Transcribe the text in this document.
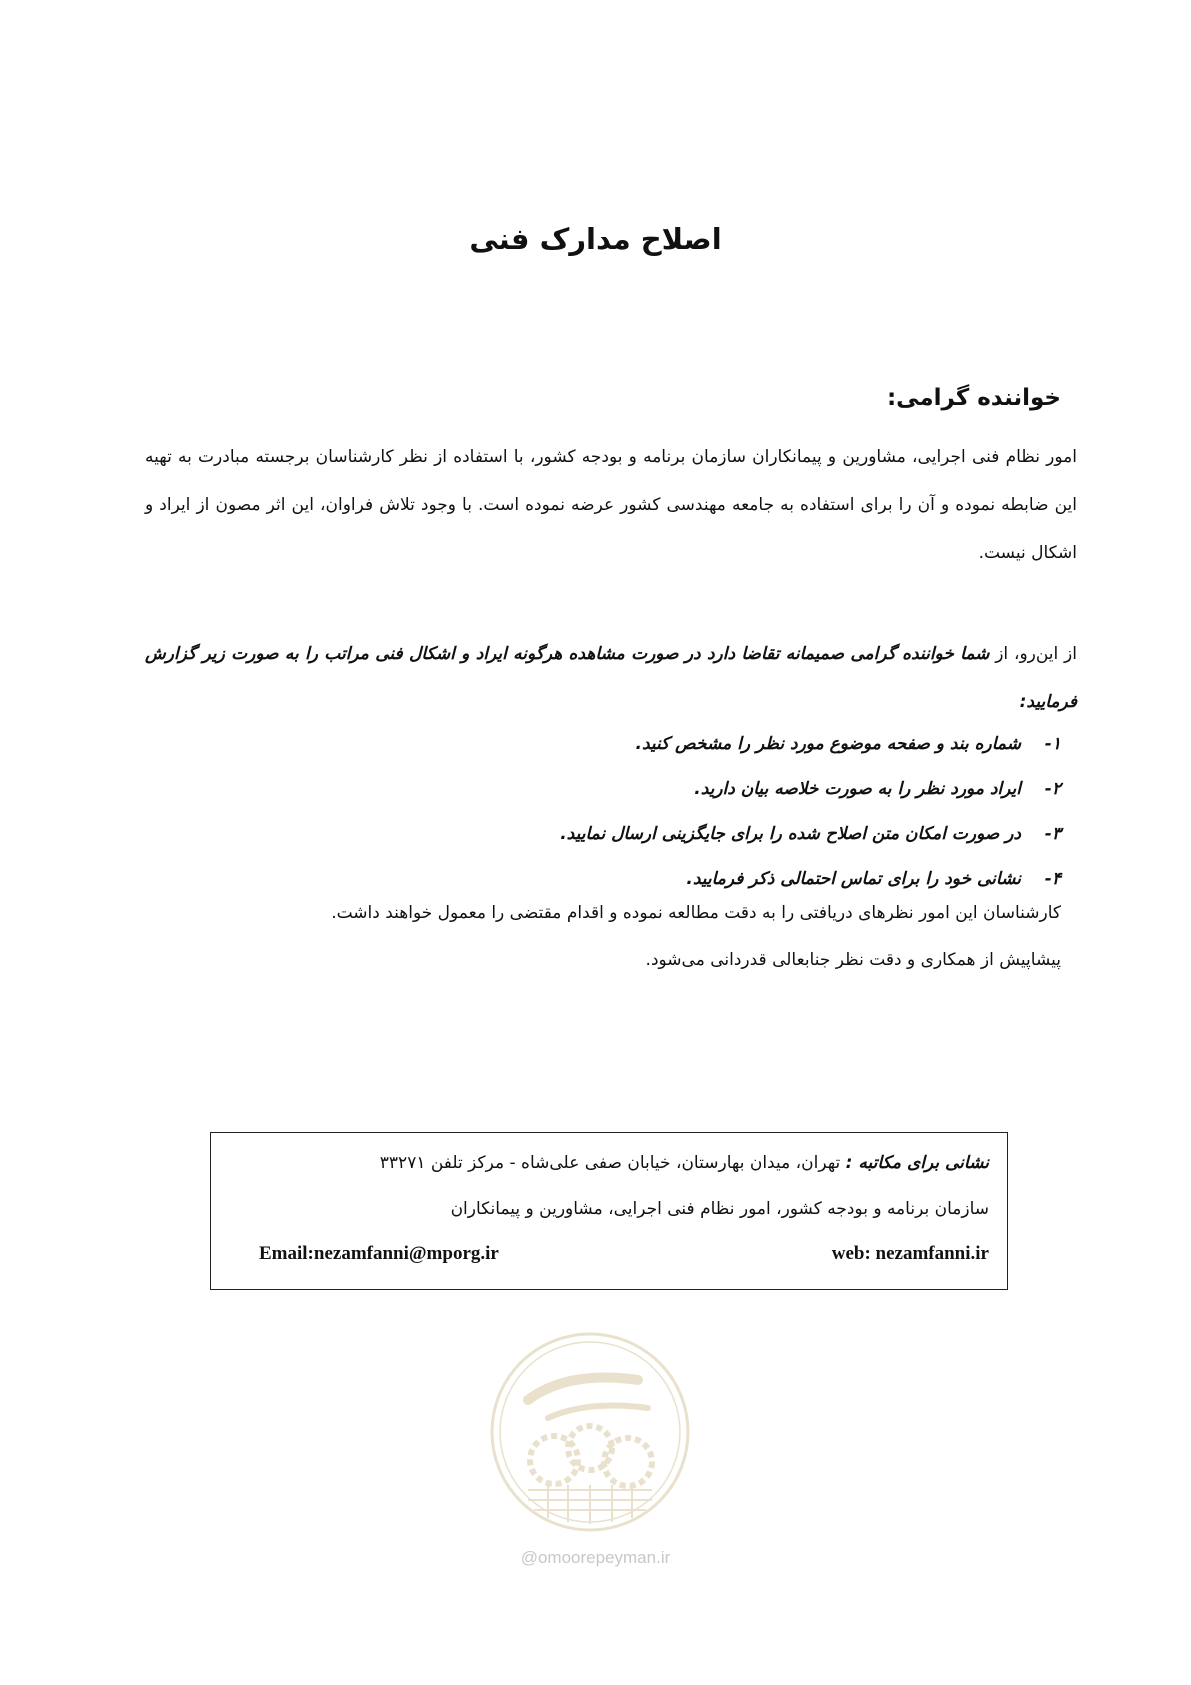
اصلاح مدارک فنی
خواننده گرامی:
امور نظام فنی اجرایی، مشاورین و پیمانکاران سازمان برنامه و بودجه کشور، با استفاده از نظر کارشناسان برجسته مبادرت به تهیه این ضابطه نموده و آن را برای استفاده به جامعه مهندسی کشور عرضه نموده است. با وجود تلاش فراوان، این اثر مصون از ایراد و اشکال نیست.
از این‌رو، از شما خواننده گرامی صمیمانه تقاضا دارد در صورت مشاهده هرگونه ایراد و اشکال فنی مراتب را به صورت زیر گزارش فرمایید:
۱-
شماره بند و صفحه موضوع مورد نظر را مشخص کنید.
۲-
ایراد مورد نظر را به صورت خلاصه بیان دارید.
۳-
در صورت امکان متن اصلاح شده را برای جایگزینی ارسال نمایید.
۴-
نشانی خود را برای تماس احتمالی ذکر فرمایید.
کارشناسان این امور نظرهای دریافتی را به دقت مطالعه نموده و اقدام مقتضی را معمول خواهند داشت.
پیشاپیش از همکاری و دقت نظر جنابعالی قدردانی می‌شود.
نشانی برای مکاتبه : تهران، میدان بهارستان، خیابان صفی علی‌شاه - مرکز تلفن ۳۳۲۷۱
سازمان برنامه و بودجه کشور، امور نظام فنی اجرایی، مشاورین و پیمانکاران
web: nezamfanni.ir
Email:nezamfanni@mporg.ir
@omoorepeyman.ir
